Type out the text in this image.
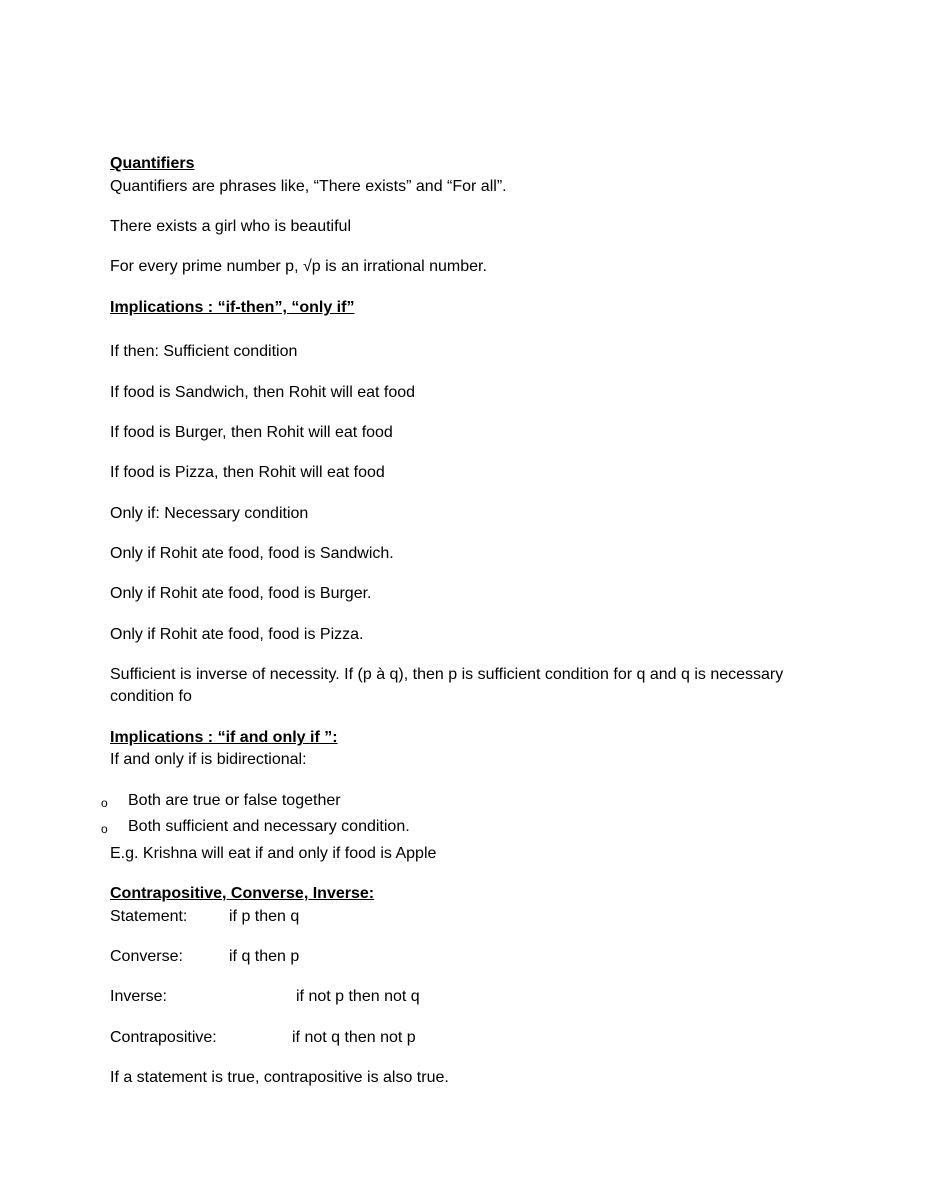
Quantifiers
Quantifiers are phrases like, “There exists” and “For all”.
There exists a girl who is beautiful
For every prime number p, √p is an irrational number.
Implications : “if-then”, “only if”
If then: Sufficient condition
If food is Sandwich, then Rohit will eat food
If food is Burger, then Rohit will eat food
If food is Pizza, then Rohit will eat food
Only if: Necessary condition
Only if Rohit ate food, food is Sandwich.
Only if Rohit ate food, food is Burger.
Only if Rohit ate food, food is Pizza.
Sufficient is inverse of necessity. If (p à q), then p is sufficient condition for q and q is necessary
condition fo
Implications : “if and only if ”:
If and only if is bidirectional:
o Both are true or false together
o Both sufficient and necessary condition.
E.g. Krishna will eat if and only if food is Apple
Contrapositive, Converse, Inverse:
Statement:	if p then q
Converse:	if q then p
Inverse:	if not p then not q
Contrapositive:	if not q then not p
If a statement is true, contrapositive is also true.
